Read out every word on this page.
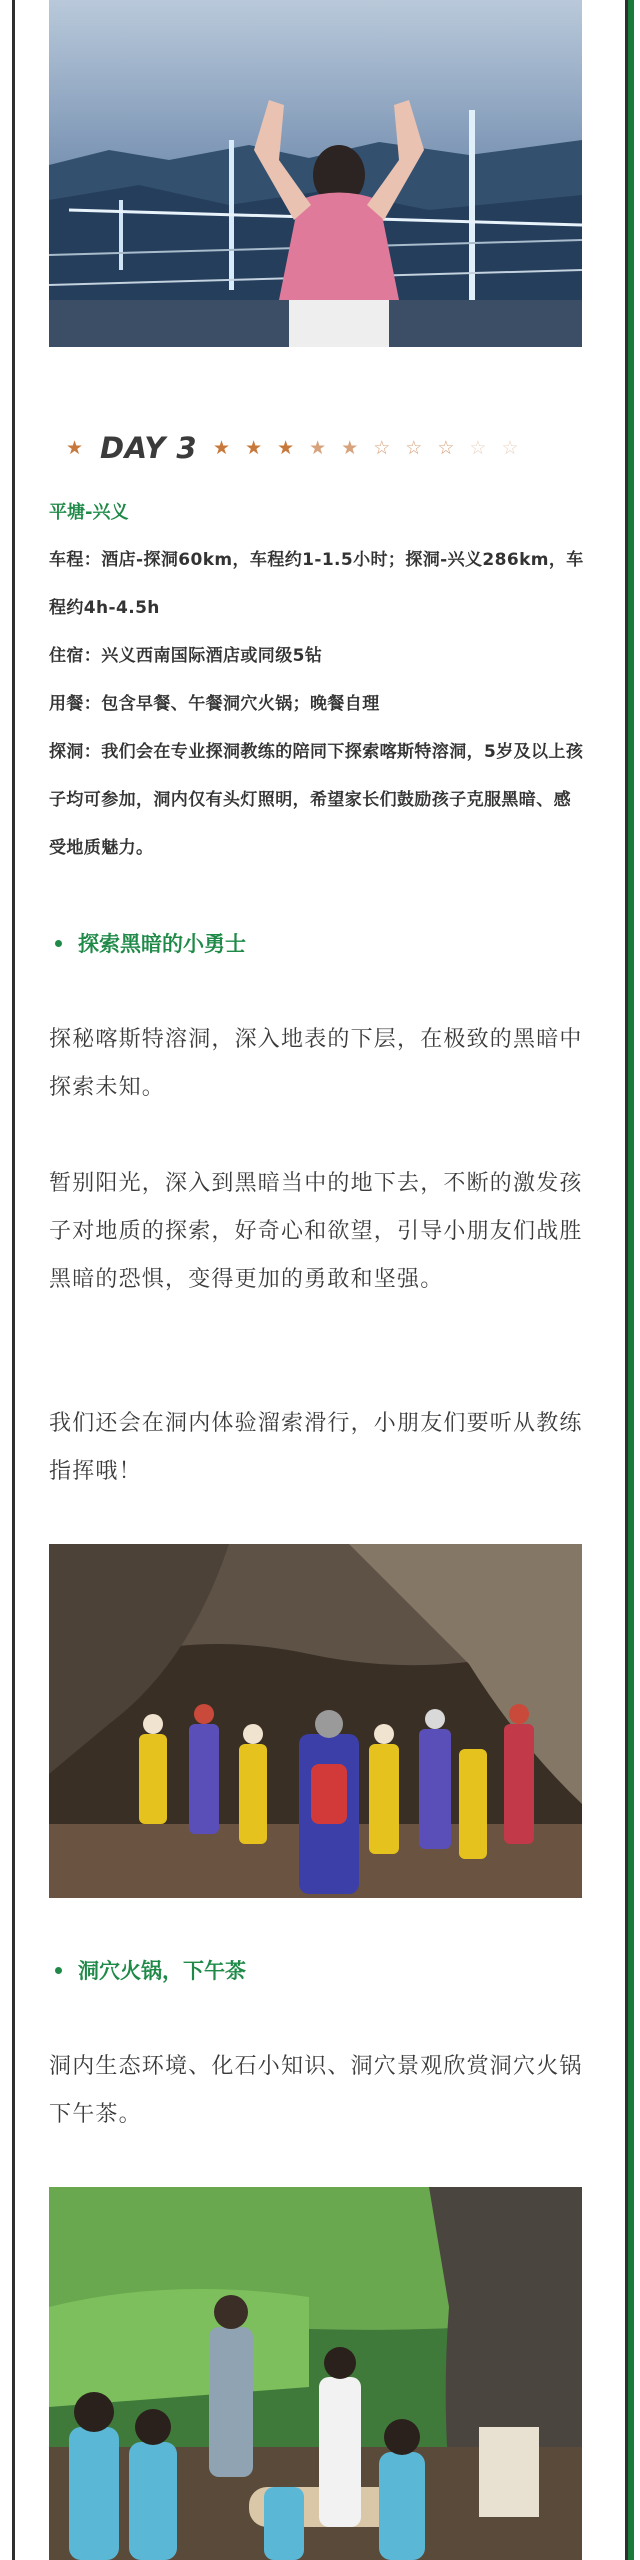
★ DAY 3 ★ ★ ★ ★ ★ ☆ ☆ ☆ ☆ ☆
平塘-兴义
车程：酒店-探洞60km，车程约1-1.5小时；探洞-兴义286km，车程约4h-4.5h
住宿：兴义西南国际酒店或同级5钻
用餐：包含早餐、午餐洞穴火锅；晚餐自理
探洞：我们会在专业探洞教练的陪同下探索喀斯特溶洞，5岁及以上孩子均可参加，洞内仅有头灯照明，希望家长们鼓励孩子克服黑暗、感受地质魅力。
探索黑暗的小勇士
探秘喀斯特溶洞，深入地表的下层，在极致的黑暗中探索未知。
暂别阳光，深入到黑暗当中的地下去，不断的激发孩子对地质的探索，好奇心和欲望，引导小朋友们战胜黑暗的恐惧，变得更加的勇敢和坚强。
我们还会在洞内体验溜索滑行，小朋友们要听从教练指挥哦！
洞穴火锅，下午茶
洞内生态环境、化石小知识、洞穴景观欣赏洞穴火锅下午茶。
